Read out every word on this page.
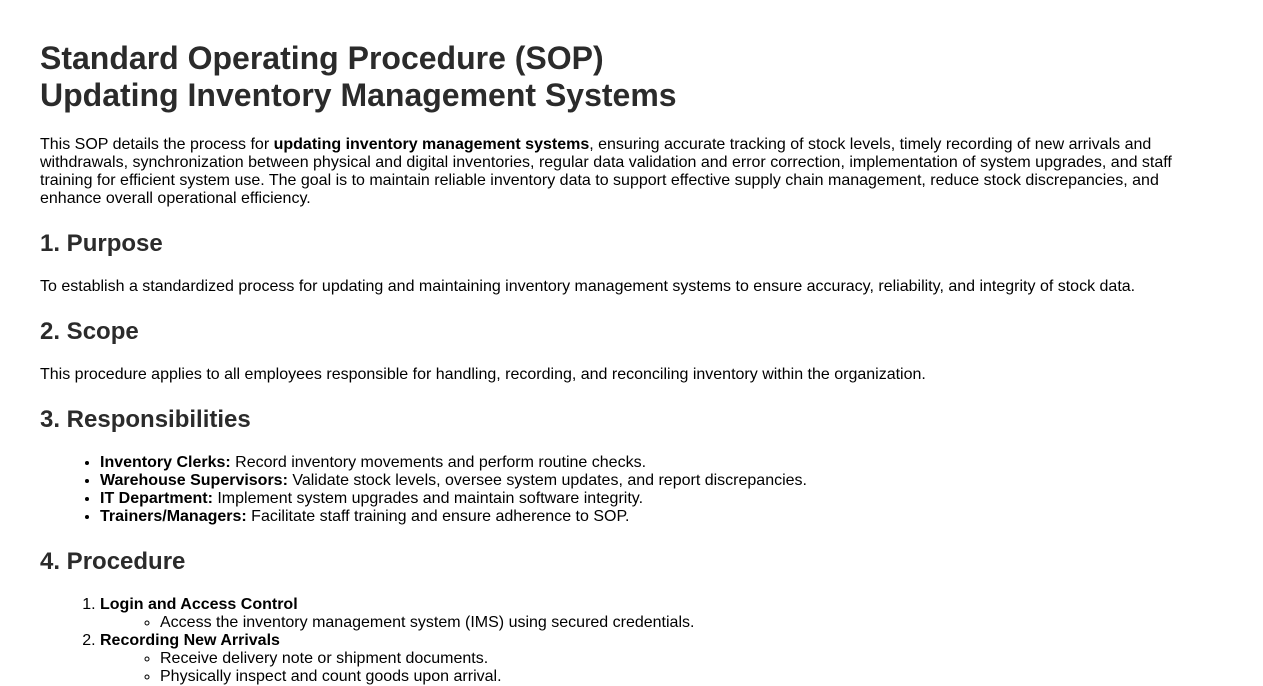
Standard Operating Procedure (SOP)
Updating Inventory Management Systems

This SOP details the process for updating inventory management systems, ensuring accurate tracking of stock levels, timely recording of new arrivals and withdrawals, synchronization between physical and digital inventories, regular data validation and error correction, implementation of system upgrades, and staff training for efficient system use. The goal is to maintain reliable inventory data to support effective supply chain management, reduce stock discrepancies, and enhance overall operational efficiency.

1. Purpose

To establish a standardized process for updating and maintaining inventory management systems to ensure accuracy, reliability, and integrity of stock data.

2. Scope

This procedure applies to all employees responsible for handling, recording, and reconciling inventory within the organization.

3. Responsibilities
• Inventory Clerks: Record inventory movements and perform routine checks.
• Warehouse Supervisors: Validate stock levels, oversee system updates, and report discrepancies.
• IT Department: Implement system upgrades and maintain software integrity.
• Trainers/Managers: Facilitate staff training and ensure adherence to SOP.
4. Procedure
1. Login and Access Control
◦ Access the inventory management system (IMS) using secured credentials.
2. Recording New Arrivals
◦ Receive delivery note or shipment documents.
◦ Physically inspect and count goods upon arrival.
